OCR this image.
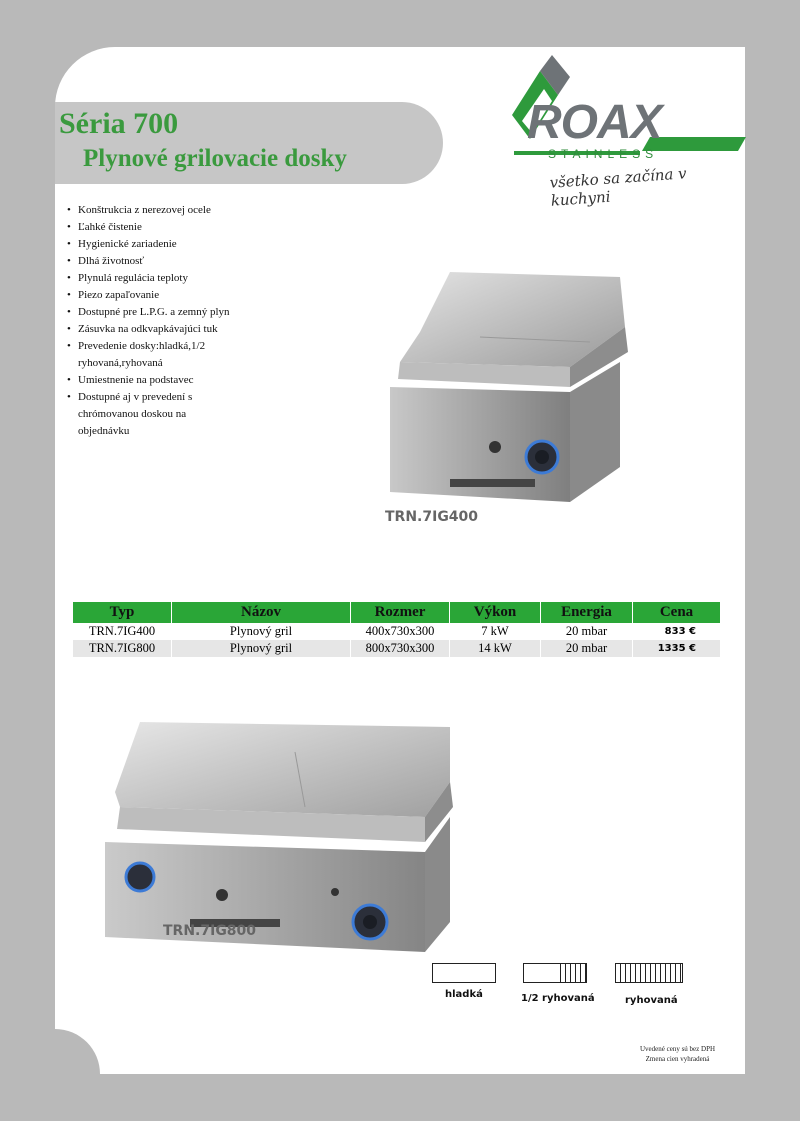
Séria 700
Plynové grilovacie dosky
ROAX
STAINLESS
všetko sa začína v kuchyni
• Konštrukcia z nerezovej ocele
• Ľahké čistenie
• Hygienické zariadenie
• Dlhá životnosť
• Plynulá regulácia teploty
• Piezo zapaľovanie
• Dostupné pre L.P.G. a zemný plyn
• Zásuvka na odkvapkávajúci tuk
• Prevedenie dosky:hladká,1/2 ryhovaná,ryhovaná
• Umiestnenie na podstavec
• Dostupné aj v prevedení s chrómovanou doskou na objednávku
TRN.7IG400
Typ	Názov	Rozmer	Výkon	Energia	Cena
TRN.7IG400	Plynový gril	400x730x300	7 kW	20 mbar	833 €
TRN.7IG800	Plynový gril	800x730x300	14 kW	20 mbar	1335 €
TRN.7IG800
hladká	1/2 ryhovaná	ryhovaná
Uvedené ceny sú bez DPH
Zmena cien vyhradená
